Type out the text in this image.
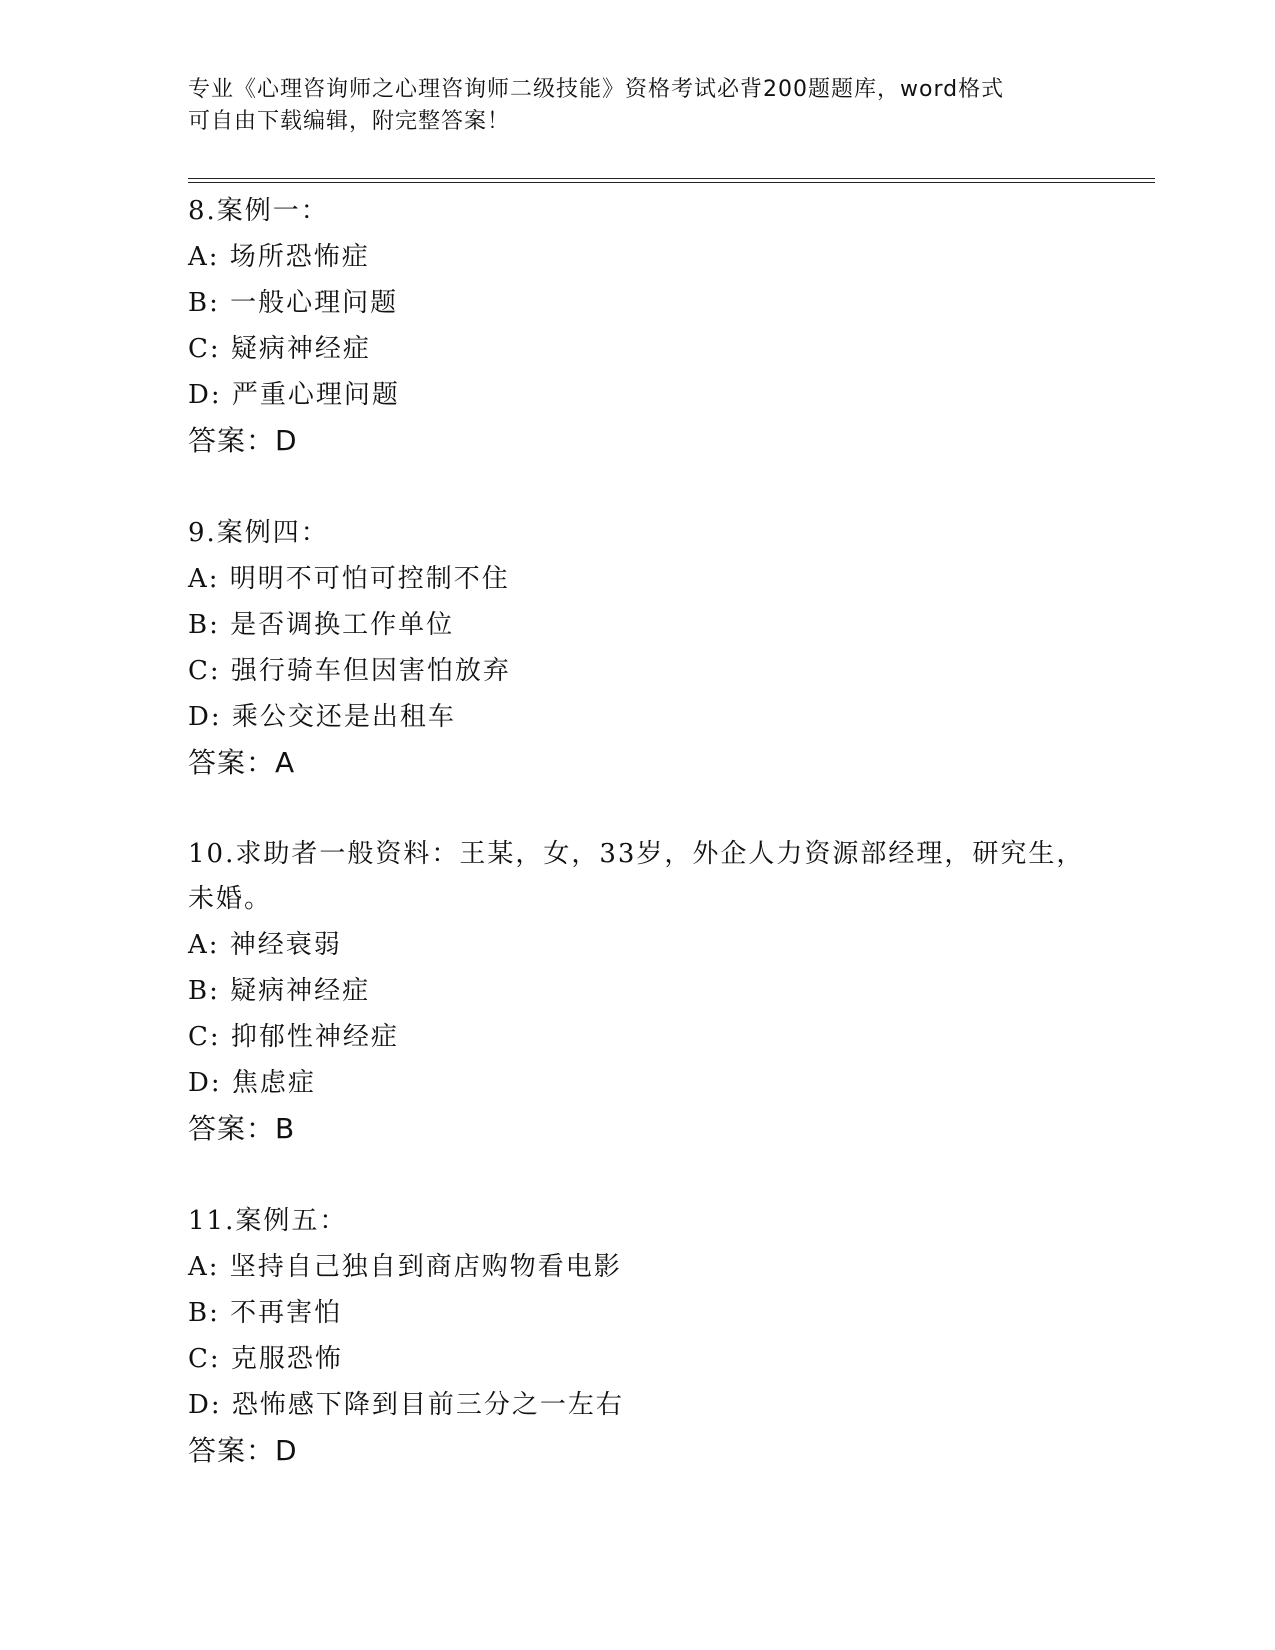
专业《心理咨询师之心理咨询师二级技能》资格考试必背200题题库，word格式
可自由下载编辑，附完整答案！
8.案例一：
A: 场所恐怖症
B: 一般心理问题
C: 疑病神经症
D: 严重心理问题
答案：D
9.案例四：
A: 明明不可怕可控制不住
B: 是否调换工作单位
C: 强行骑车但因害怕放弃
D: 乘公交还是出租车
答案：A
10.求助者一般资料：王某，女，33岁，外企人力资源部经理，研究生，未婚。
A: 神经衰弱
B: 疑病神经症
C: 抑郁性神经症
D: 焦虑症
答案：B
11.案例五：
A: 坚持自己独自到商店购物看电影
B: 不再害怕
C: 克服恐怖
D: 恐怖感下降到目前三分之一左右
答案：D
